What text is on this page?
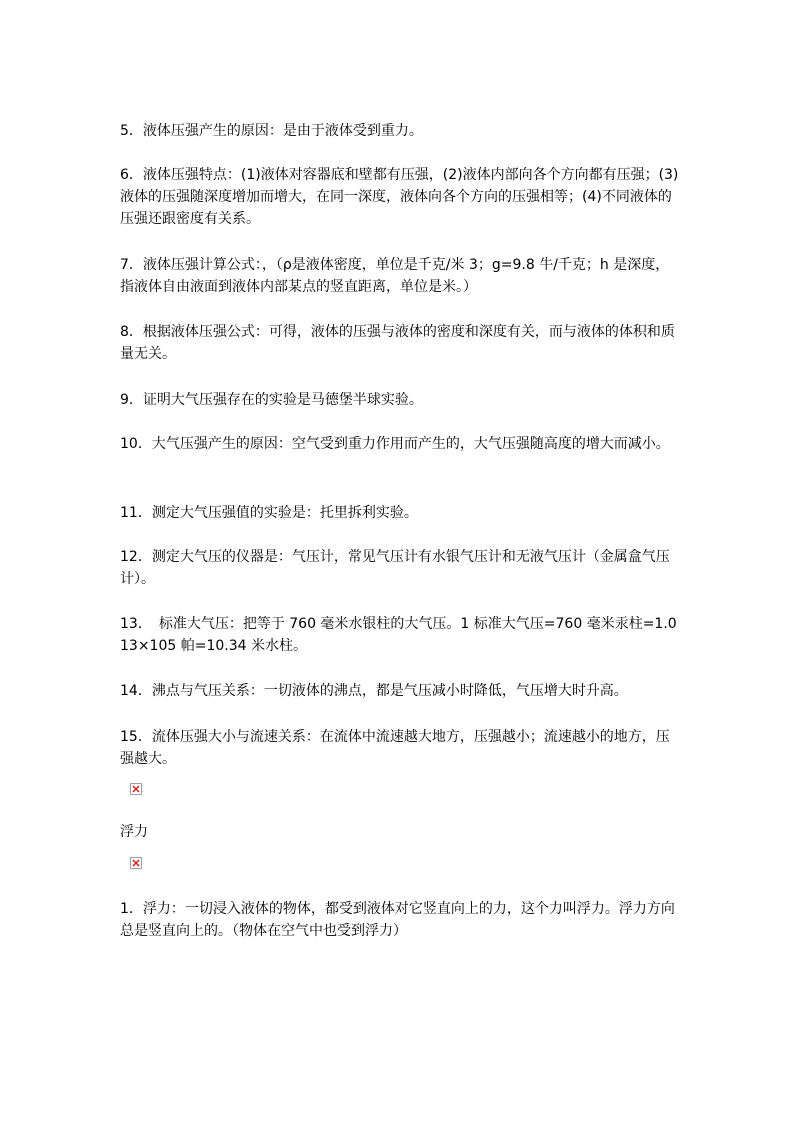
5．液体压强产生的原因：是由于液体受到重力。

6．液体压强特点：(1)液体对容器底和壁都有压强，(2)液体内部向各个方向都有压强；(3)液体的压强随深度增加而增大，在同一深度，液体向各个方向的压强相等；(4)不同液体的压强还跟密度有关系。

7．液体压强计算公式：，（ρ是液体密度，单位是千克/米 3；g=9.8 牛/千克；h 是深度，指液体自由液面到液体内部某点的竖直距离，单位是米。）

8．根据液体压强公式：可得，液体的压强与液体的密度和深度有关，而与液体的体积和质量无关。

9．证明大气压强存在的实验是马德堡半球实验。

10．大气压强产生的原因：空气受到重力作用而产生的，大气压强随高度的增大而减小。

11．测定大气压强值的实验是：托里拆利实验。

12．测定大气压的仪器是：气压计，常见气压计有水银气压计和无液气压计（金属盒气压计）。

13．　标准大气压：把等于 760 毫米水银柱的大气压。1 标准大气压=760 毫米汞柱=1.013×105 帕=10.34 米水柱。

14．沸点与气压关系：一切液体的沸点，都是气压减小时降低，气压增大时升高。

15．流体压强大小与流速关系：在流体中流速越大地方，压强越小；流速越小的地方，压强越大。

浮力

1．浮力：一切浸入液体的物体，都受到液体对它竖直向上的力，这个力叫浮力。浮力方向总是竖直向上的。（物体在空气中也受到浮力）
